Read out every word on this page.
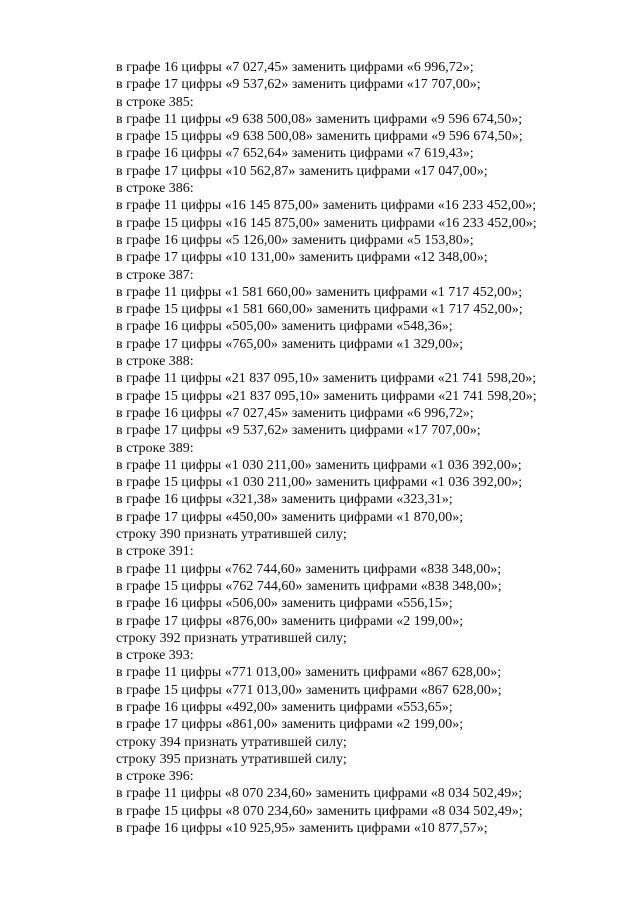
в графе 16 цифры «7 027,45» заменить цифрами «6 996,72»;
в графе 17 цифры «9 537,62» заменить цифрами «17 707,00»;
в строке 385:
в графе 11 цифры «9 638 500,08» заменить цифрами «9 596 674,50»;
в графе 15 цифры «9 638 500,08» заменить цифрами «9 596 674,50»;
в графе 16 цифры «7 652,64» заменить цифрами «7 619,43»;
в графе 17 цифры «10 562,87» заменить цифрами «17 047,00»;
в строке 386:
в графе 11 цифры «16 145 875,00» заменить цифрами «16 233 452,00»;
в графе 15 цифры «16 145 875,00» заменить цифрами «16 233 452,00»;
в графе 16 цифры «5 126,00» заменить цифрами «5 153,80»;
в графе 17 цифры «10 131,00» заменить цифрами «12 348,00»;
в строке 387:
в графе 11 цифры «1 581 660,00» заменить цифрами «1 717 452,00»;
в графе 15 цифры «1 581 660,00» заменить цифрами «1 717 452,00»;
в графе 16 цифры «505,00» заменить цифрами «548,36»;
в графе 17 цифры «765,00» заменить цифрами «1 329,00»;
в строке 388:
в графе 11 цифры «21 837 095,10» заменить цифрами «21 741 598,20»;
в графе 15 цифры «21 837 095,10» заменить цифрами «21 741 598,20»;
в графе 16 цифры «7 027,45» заменить цифрами «6 996,72»;
в графе 17 цифры «9 537,62» заменить цифрами «17 707,00»;
в строке 389:
в графе 11 цифры «1 030 211,00» заменить цифрами «1 036 392,00»;
в графе 15 цифры «1 030 211,00» заменить цифрами «1 036 392,00»;
в графе 16 цифры «321,38» заменить цифрами «323,31»;
в графе 17 цифры «450,00» заменить цифрами «1 870,00»;
строку 390 признать утратившей силу;
в строке 391:
в графе 11 цифры «762 744,60» заменить цифрами «838 348,00»;
в графе 15 цифры «762 744,60» заменить цифрами «838 348,00»;
в графе 16 цифры «506,00» заменить цифрами «556,15»;
в графе 17 цифры «876,00» заменить цифрами «2 199,00»;
строку 392 признать утратившей силу;
в строке 393:
в графе 11 цифры «771 013,00» заменить цифрами «867 628,00»;
в графе 15 цифры «771 013,00» заменить цифрами «867 628,00»;
в графе 16 цифры «492,00» заменить цифрами «553,65»;
в графе 17 цифры «861,00» заменить цифрами «2 199,00»;
строку 394 признать утратившей силу;
строку 395 признать утратившей силу;
в строке 396:
в графе 11 цифры «8 070 234,60» заменить цифрами «8 034 502,49»;
в графе 15 цифры «8 070 234,60» заменить цифрами «8 034 502,49»;
в графе 16 цифры «10 925,95» заменить цифрами «10 877,57»;
